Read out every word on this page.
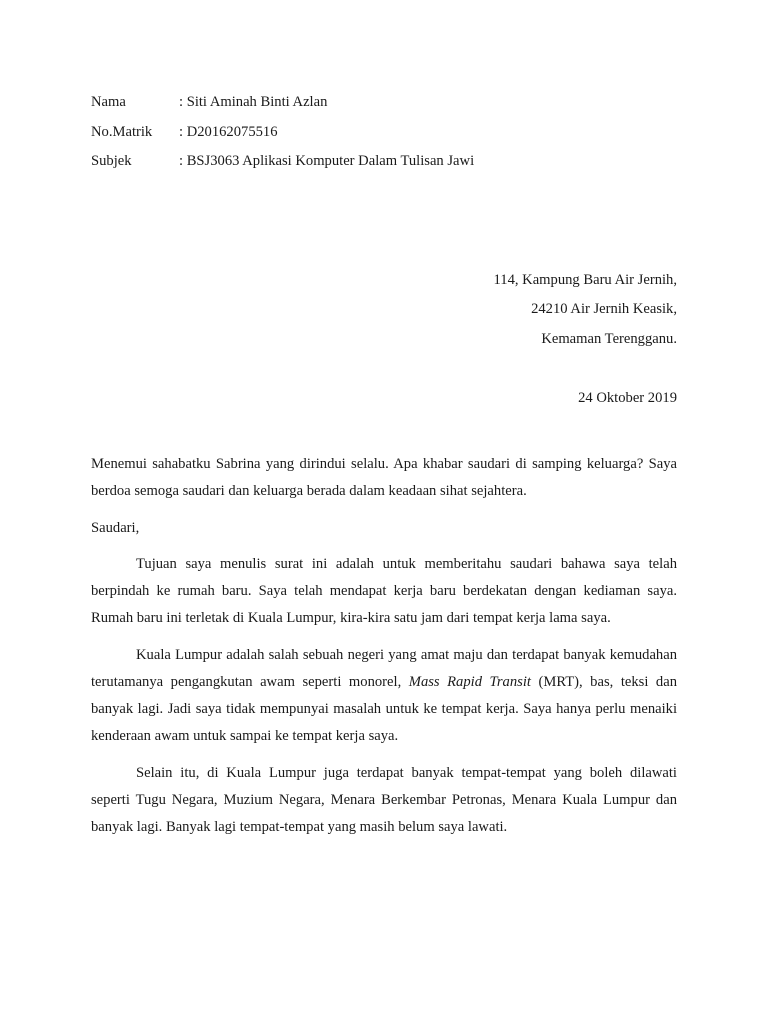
Nama	: Siti Aminah Binti Azlan
No.Matrik : D20162075516
Subjek	: BSJ3063 Aplikasi Komputer Dalam Tulisan Jawi
114, Kampung Baru Air Jernih,
24210 Air Jernih Keasik,
Kemaman Terengganu.
24 Oktober 2019
Menemui sahabatku Sabrina yang dirindui selalu. Apa khabar saudari di samping keluarga? Saya
berdoa semoga saudari dan keluarga berada dalam keadaan sihat sejahtera.
Saudari,
Tujuan saya menulis surat ini adalah untuk memberitahu saudari bahawa saya telah
berpindah ke rumah baru. Saya telah mendapat kerja baru berdekatan dengan kediaman saya.
Rumah baru ini terletak di Kuala Lumpur, kira-kira satu jam dari tempat kerja lama saya.
Kuala Lumpur adalah salah sebuah negeri yang amat maju dan terdapat banyak kemudahan
terutamanya pengangkutan awam seperti monorel, Mass Rapid Transit (MRT), bas, teksi dan
banyak lagi. Jadi saya tidak mempunyai masalah untuk ke tempat kerja. Saya hanya perlu menaiki
kenderaan awam untuk sampai ke tempat kerja saya.
Selain itu, di Kuala Lumpur juga terdapat banyak tempat-tempat yang boleh dilawati
seperti Tugu Negara, Muzium Negara, Menara Berkembar Petronas, Menara Kuala Lumpur dan
banyak lagi. Banyak lagi tempat-tempat yang masih belum saya lawati.
